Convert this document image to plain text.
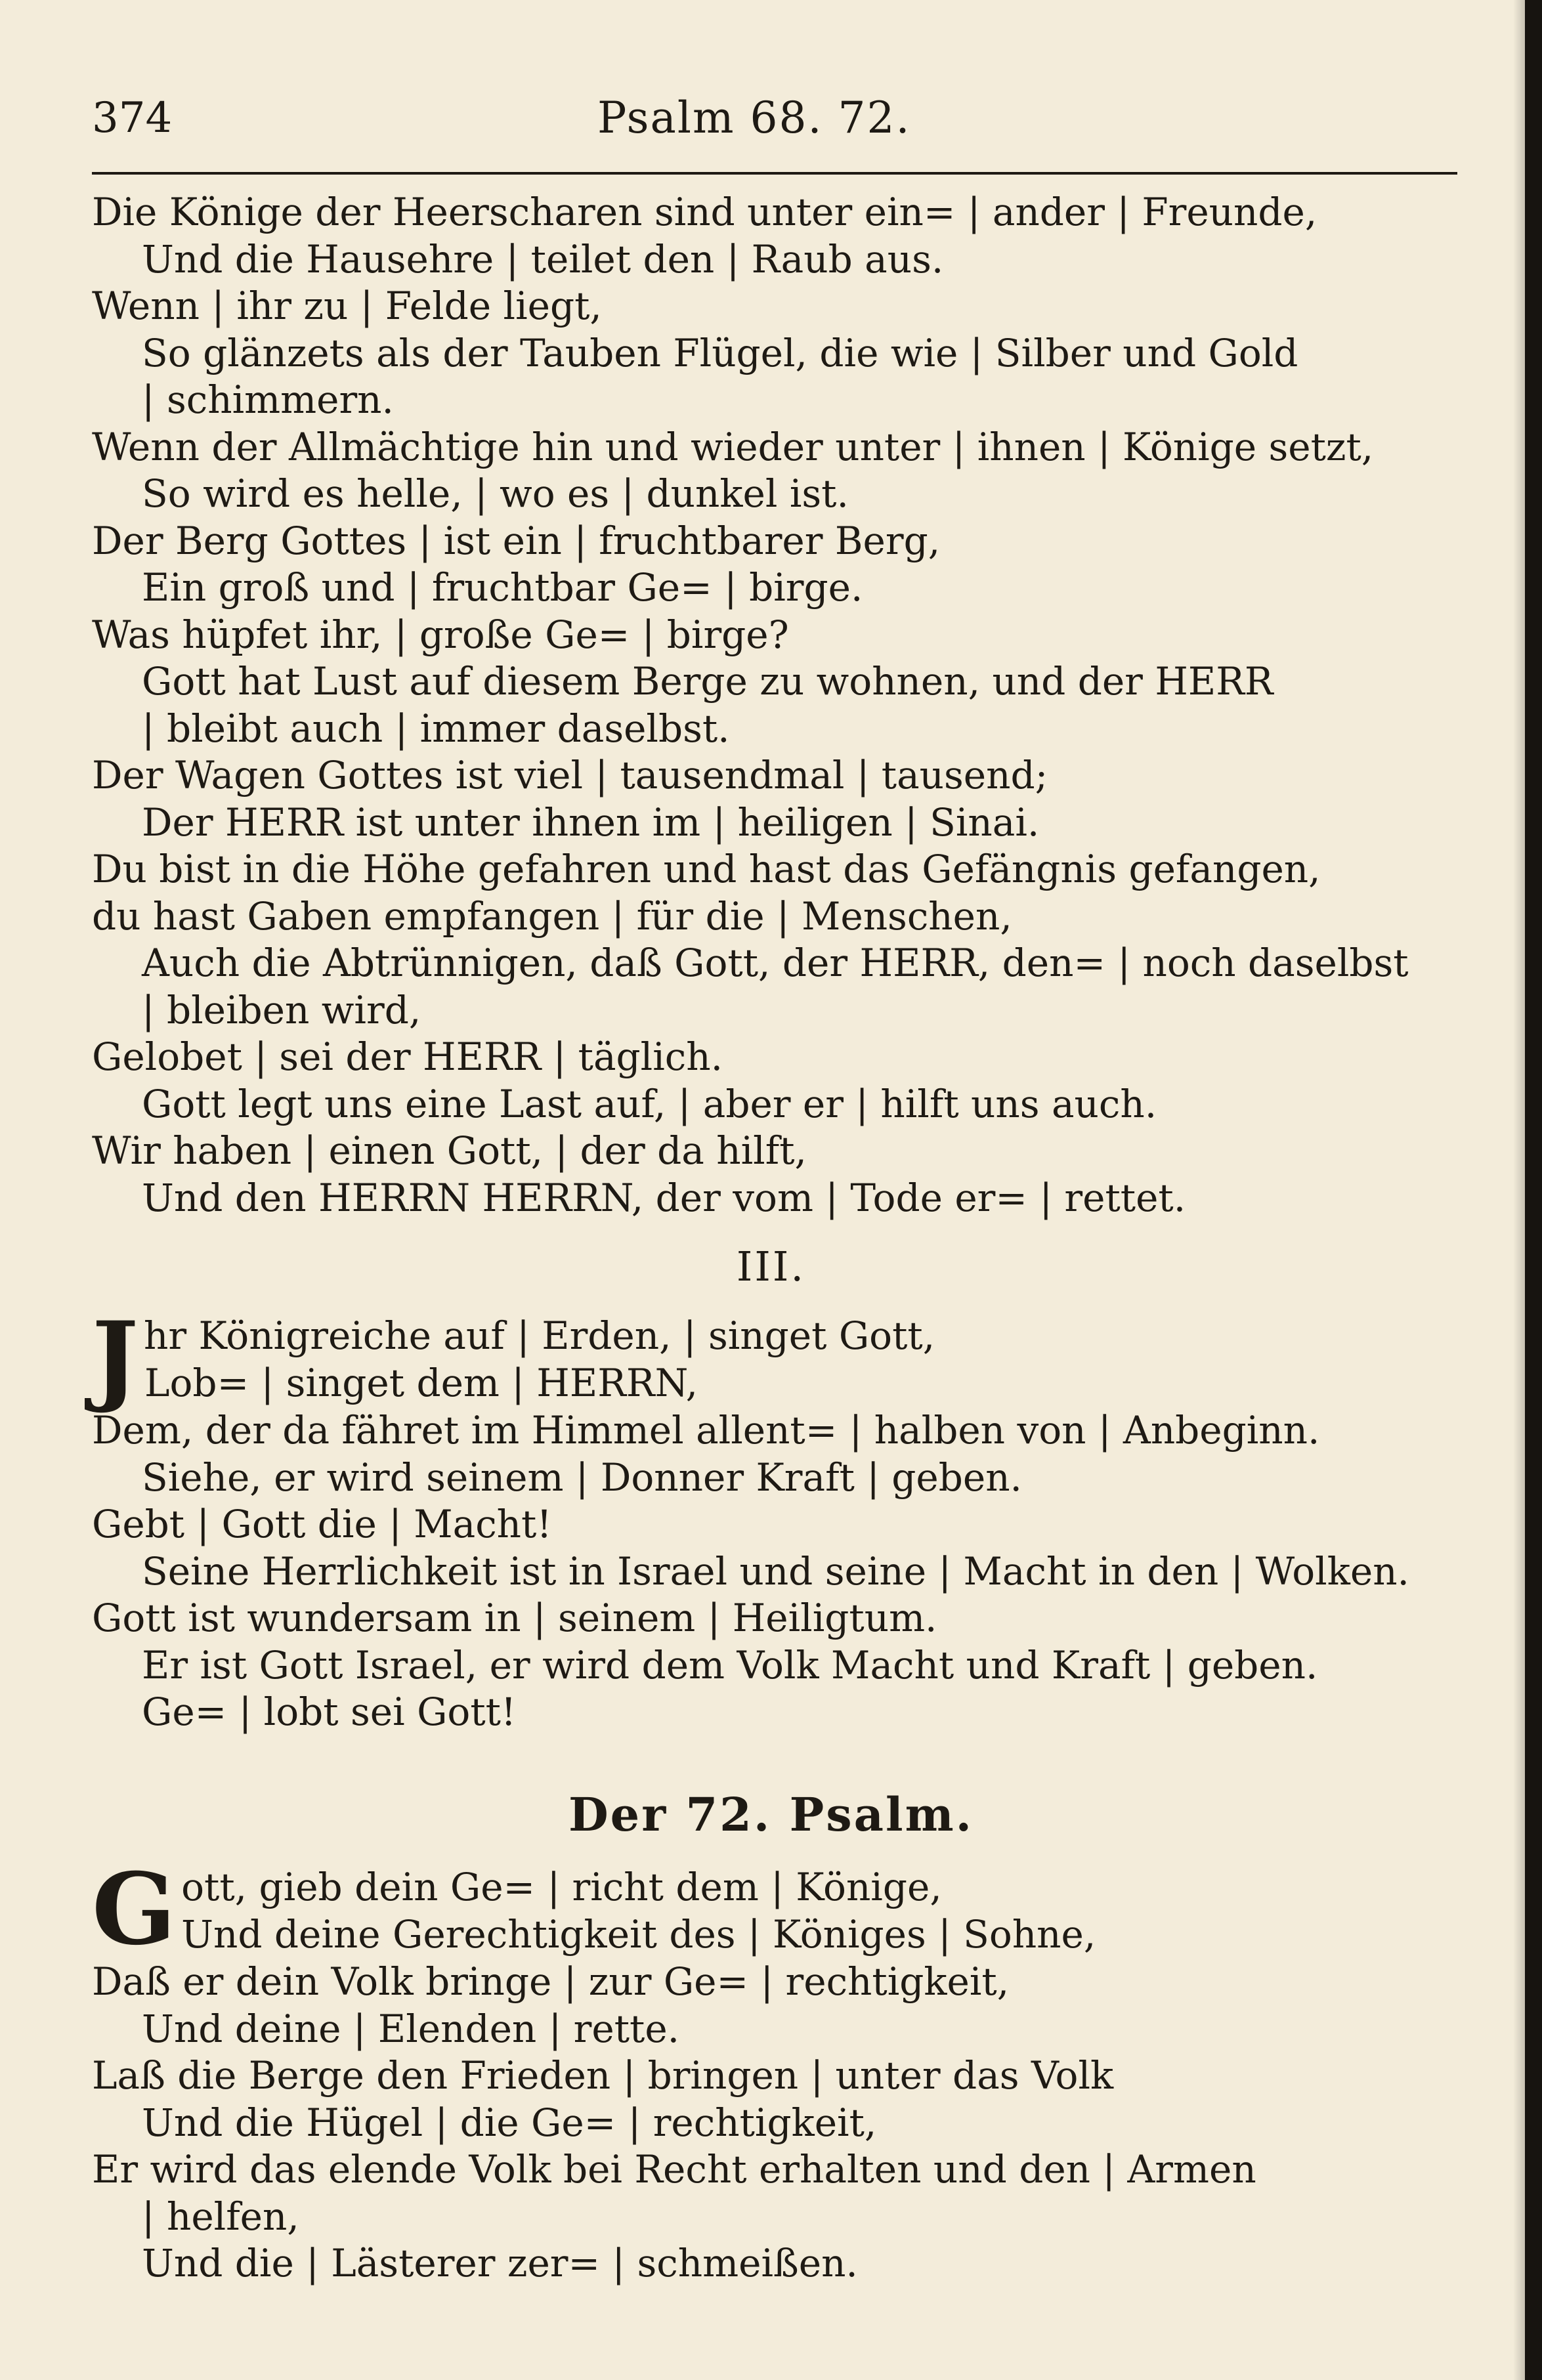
374	Psalm 68. 72.
Die Könige der Heerscharen sind unter ein= | ander | Freunde,
Und die Hausehre | teilet den | Raub aus.
Wenn | ihr zu | Felde liegt,
So glänzets als der Tauben Flügel, die wie | Silber und Gold
| schimmern.
Wenn der Allmächtige hin und wieder unter | ihnen | Könige setzt,
So wird es helle, | wo es | dunkel ist.
Der Berg Gottes | ist ein | fruchtbarer Berg,
Ein groß und | fruchtbar Ge= | birge.
Was hüpfet ihr, | große Ge= | birge?
Gott hat Lust auf diesem Berge zu wohnen, und der HERR
| bleibt auch | immer daselbst.
Der Wagen Gottes ist viel | tausendmal | tausend;
Der HERR ist unter ihnen im | heiligen | Sinai.
Du bist in die Höhe gefahren und hast das Gefängnis gefangen,
du hast Gaben empfangen | für die | Menschen,
Auch die Abtrünnigen, daß Gott, der HERR, den= | noch daselbst
| bleiben wird,
Gelobet | sei der HERR | täglich.
Gott legt uns eine Last auf, | aber er | hilft uns auch.
Wir haben | einen Gott, | der da hilft,
Und den HERRN HERRN, der vom | Tode er= | rettet.
III.
J hr Königreiche auf | Erden, | singet Gott,
Lob= | singet dem | HERRN,
Dem, der da fähret im Himmel allent= | halben von | Anbeginn.
Siehe, er wird seinem | Donner Kraft | geben.
Gebt | Gott die | Macht!
Seine Herrlichkeit ist in Israel und seine | Macht in den | Wolken.
Gott ist wundersam in | seinem | Heiligtum.
Er ist Gott Israel, er wird dem Volk Macht und Kraft | geben.
Ge= | lobt sei Gott!
Der 72. Psalm.
G ott, gieb dein Ge= | richt dem | Könige,
Und deine Gerechtigkeit des | Königes | Sohne,
Daß er dein Volk bringe | zur Ge= | rechtigkeit,
Und deine | Elenden | rette.
Laß die Berge den Frieden | bringen | unter das Volk
Und die Hügel | die Ge= | rechtigkeit,
Er wird das elende Volk bei Recht erhalten und den | Armen
| helfen,
Und die | Lästerer zer= | schmeißen.
